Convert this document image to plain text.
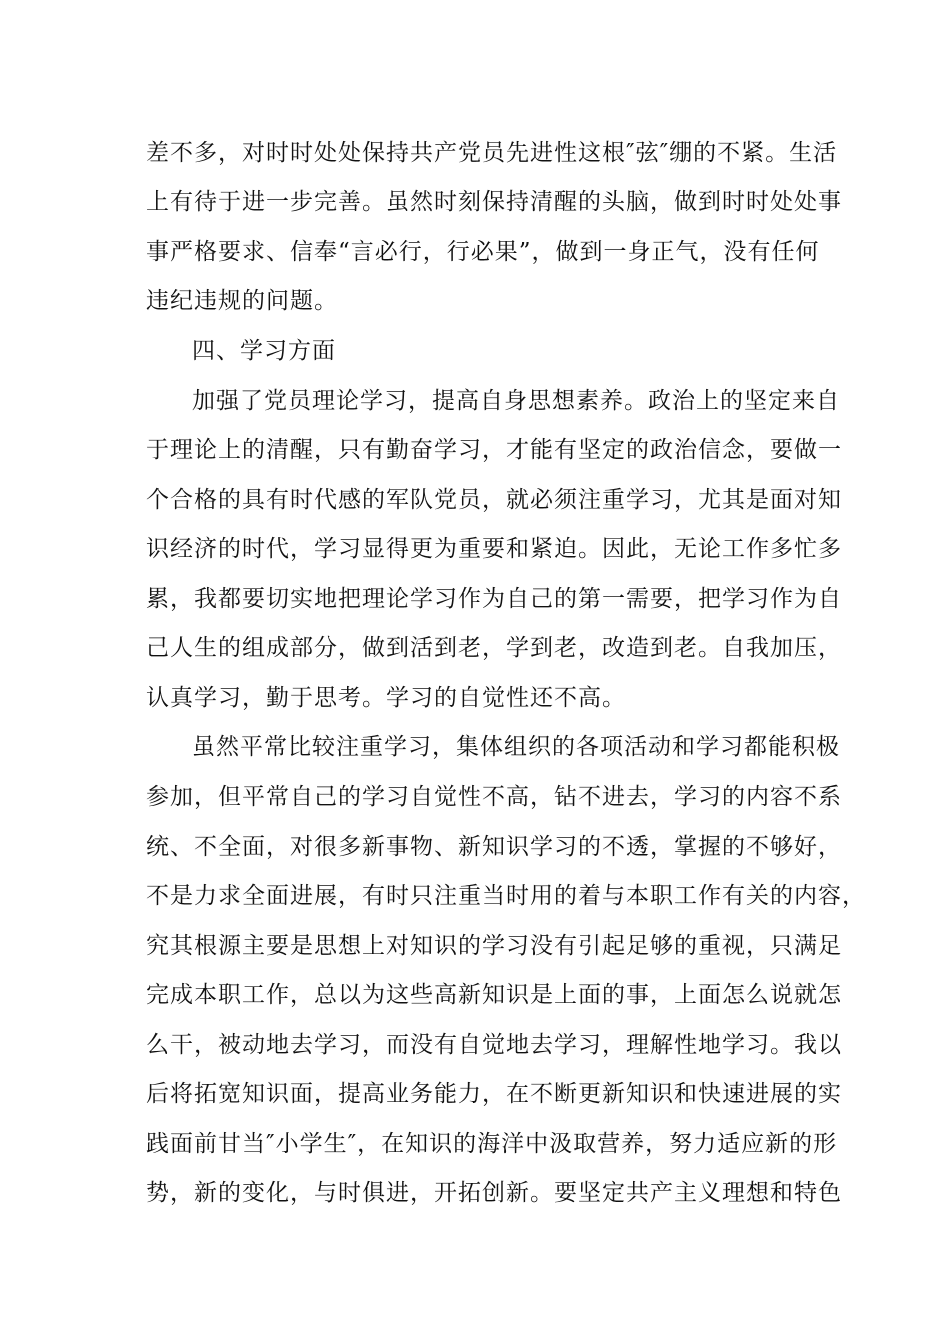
差不多，对时时处处保持共产党员先进性这根″弦″绷的不紧。生活
上有待于进一步完善。虽然时刻保持清醒的头脑，做到时时处处事
事严格要求、信奉“言必行，行必果”，做到一身正气，没有任何
违纪违规的问题。
四、学习方面
加强了党员理论学习，提高自身思想素养。政治上的坚定来自
于理论上的清醒，只有勤奋学习，才能有坚定的政治信念，要做一
个合格的具有时代感的军队党员，就必须注重学习，尤其是面对知
识经济的时代，学习显得更为重要和紧迫。因此，无论工作多忙多
累，我都要切实地把理论学习作为自己的第一需要，把学习作为自
己人生的组成部分，做到活到老，学到老，改造到老。自我加压，
认真学习，勤于思考。学习的自觉性还不高。
虽然平常比较注重学习，集体组织的各项活动和学习都能积极
参加，但平常自己的学习自觉性不高，钻不进去，学习的内容不系
统、不全面，对很多新事物、新知识学习的不透，掌握的不够好，
不是力求全面进展，有时只注重当时用的着与本职工作有关的内容，
究其根源主要是思想上对知识的学习没有引起足够的重视，只满足
完成本职工作，总以为这些高新知识是上面的事，上面怎么说就怎
么干，被动地去学习，而没有自觉地去学习，理解性地学习。我以
后将拓宽知识面，提高业务能力，在不断更新知识和快速进展的实
践面前甘当″小学生″，在知识的海洋中汲取营养，努力适应新的形
势，新的变化，与时俱进，开拓创新。要坚定共产主义理想和特色
